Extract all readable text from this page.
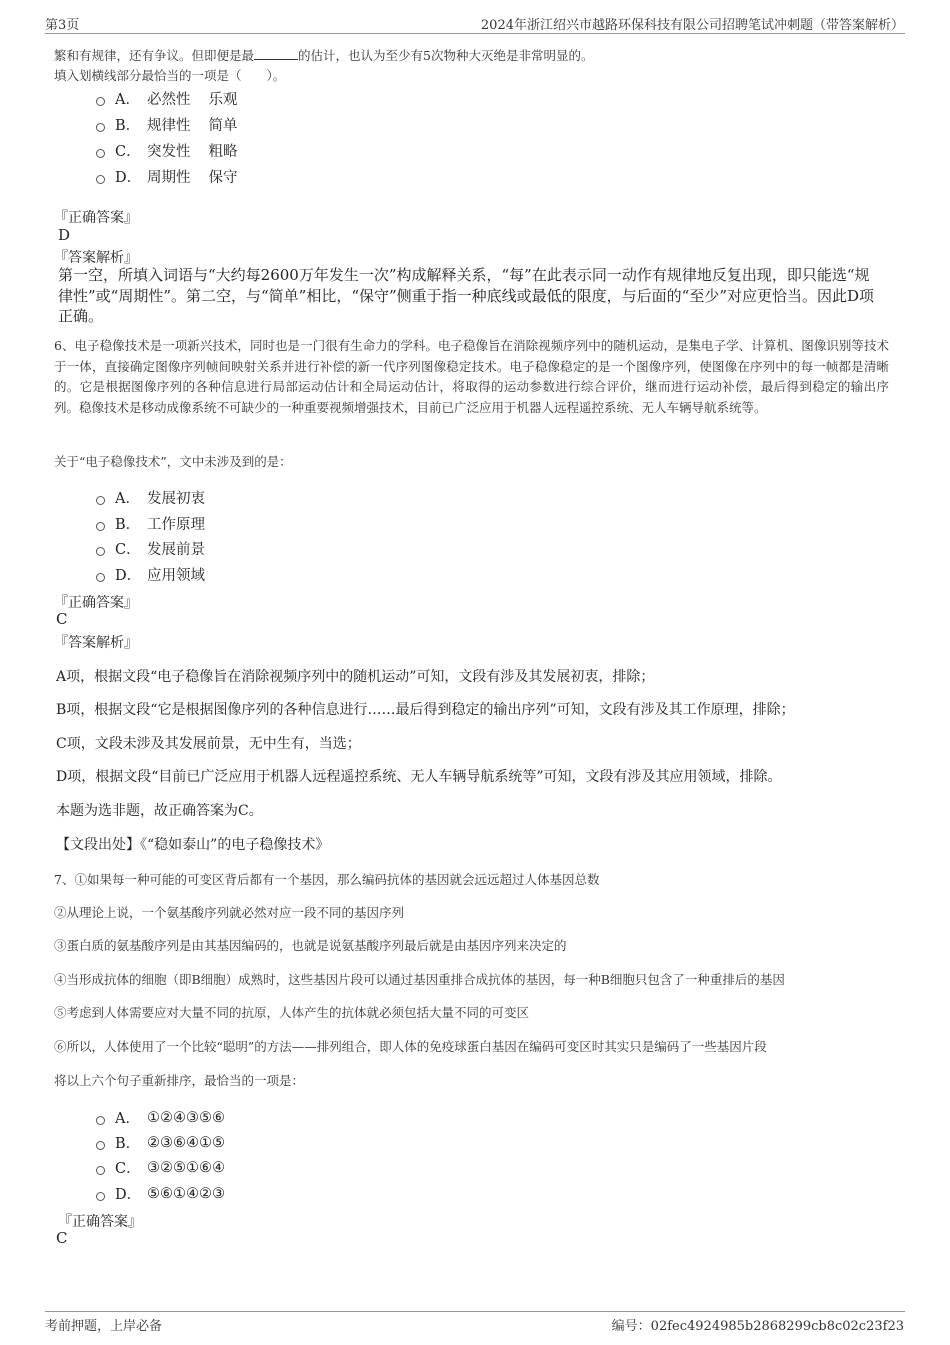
第3页	2024年浙江绍兴市越路环保科技有限公司招聘笔试冲刺题（带答案解析）
繁和有规律，还有争议。但即便是最	的估计，也认为至少有5次物种大灭绝是非常明显的。
填入划横线部分最恰当的一项是（　　）。
A． 必然性 乐观
B． 规律性 简单
C． 突发性 粗略
D． 周期性 保守
『正确答案』
D
『答案解析』
第一空，所填入词语与“大约每2600万年发生一次”构成解释关系，“每”在此表示同一动作有规律地反复出现，即只能选“规律性”或“周期性”。第二空，与“简单”相比，“保守”侧重于指一种底线或最低的限度，与后面的“至少”对应更恰当。因此D项正确。
6、电子稳像技术是一项新兴技术，同时也是一门很有生命力的学科。电子稳像旨在消除视频序列中的随机运动，是集电子学、计算机、图像识别等技术于一体，直接确定图像序列帧间映射关系并进行补偿的新一代序列图像稳定技术。电子稳像稳定的是一个图像序列，使图像在序列中的每一帧都是清晰的。它是根据图像序列的各种信息进行局部运动估计和全局运动估计，将取得的运动参数进行综合评价，继而进行运动补偿，最后得到稳定的输出序列。稳像技术是移动成像系统不可缺少的一种重要视频增强技术，目前已广泛应用于机器人远程遥控系统、无人车辆导航系统等。
关于“电子稳像技术”，文中未涉及到的是：
A． 发展初衷
B． 工作原理
C． 发展前景
D． 应用领域
『正确答案』
C
『答案解析』
A项，根据文段“电子稳像旨在消除视频序列中的随机运动”可知，文段有涉及其发展初衷，排除；
B项，根据文段“它是根据图像序列的各种信息进行……最后得到稳定的输出序列”可知，文段有涉及其工作原理，排除；
C项，文段未涉及其发展前景，无中生有，当选；
D项，根据文段“目前已广泛应用于机器人远程遥控系统、无人车辆导航系统等”可知，文段有涉及其应用领域，排除。
本题为选非题，故正确答案为C。
【文段出处】《“稳如泰山”的电子稳像技术》
7、①如果每一种可能的可变区背后都有一个基因，那么编码抗体的基因就会远远超过人体基因总数
②从理论上说，一个氨基酸序列就必然对应一段不同的基因序列
③蛋白质的氨基酸序列是由其基因编码的，也就是说氨基酸序列最后就是由基因序列来决定的
④当形成抗体的细胞（即B细胞）成熟时，这些基因片段可以通过基因重排合成抗体的基因，每一种B细胞只包含了一种重排后的基因
⑤考虑到人体需要应对大量不同的抗原，人体产生的抗体就必须包括大量不同的可变区
⑥所以，人体使用了一个比较“聪明”的方法——排列组合，即人体的免疫球蛋白基因在编码可变区时其实只是编码了一些基因片段
将以上六个句子重新排序，最恰当的一项是：
A． ①②④③⑤⑥
B． ②③⑥④①⑤
C． ③②⑤①⑥④
D． ⑤⑥①④②③
『正确答案』
C
考前押题，上岸必备	编号：02fec4924985b2868299cb8c02c23f23
